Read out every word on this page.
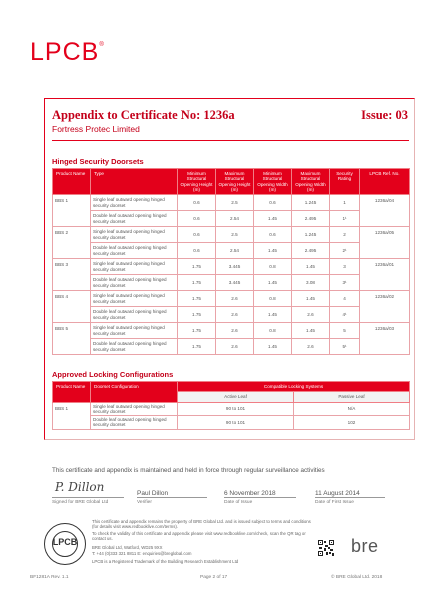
LPCB®
Appendix to Certificate No: 1236a	Issue: 03
Fortress Protec Limited
Hinged Security Doorsets
Product Name	Type	Minimum Structural Opening Height (m)	Maximum Structural Opening Height (m)	Minimum Structural Opening Width (m)	Maximum Structural Opening Width (m)	Security Rating	LPCB Ref. No.
BBS 1	Single leaf outward opening hinged security doorset	0.6	2.5	0.6	1.245	1	1236a/04
	Double leaf outward opening hinged security doorset	0.6	2.54	1.45	2.495	1¹	
BBS 2	Single leaf outward opening hinged security doorset	0.6	2.5	0.6	1.245	2	1236a/05
	Double leaf outward opening hinged security doorset	0.6	2.54	1.45	2.495	2¹	
BBS 3	Single leaf outward opening hinged security doorset	1.75	3.445	0.8	1.45	3	1236a/01
	Double leaf outward opening hinged security doorset	1.75	3.445	1.45	3.08	3¹	
BBS 4	Single leaf outward opening hinged security doorset	1.75	2.6	0.8	1.45	4	1236a/02
	Double leaf outward opening hinged security doorset	1.75	2.6	1.45	2.6	4¹	
BBS 5	Single leaf outward opening hinged security doorset	1.75	2.6	0.8	1.45	5	1236a/03
	Double leaf outward opening hinged security doorset	1.75	2.6	1.45	2.6	5¹	
Approved Locking Configurations
Product Name	Doorset Configuration	Compatible Locking Systems	
		Active Leaf	Passive Leaf
BBS 1	Single leaf outward opening hinged security doorset	90 to 101	N/A
	Double leaf outward opening hinged security doorset	90 to 101	102
This certificate and appendix is maintained and held in force through regular surveillance activities
P. Dillon
Signed for BRE Global Ltd
Paul Dillon
Verifier
6 November 2018
Date of Issue
11 August 2014
Date of First Issue
LPCB
This certificate and appendix remains the property of BRE Global Ltd. and is issued subject to terms and conditions (for details visit www.redbooklive.com/terms).
To check the validity of this certificate and appendix please visit www.redbooklive.com/check, scan the QR tag or contact us.
BRE Global Ltd, Watford, WD25 9XX
T: +44 (0)333 321 8811 E: enquiries@breglobal.com
LPCB is a Registered Trademark of the Building Research Establishment Ltd
bre
BF1281A Rev. 1.1	Page 2 of 17	© BRE Global Ltd. 2018
